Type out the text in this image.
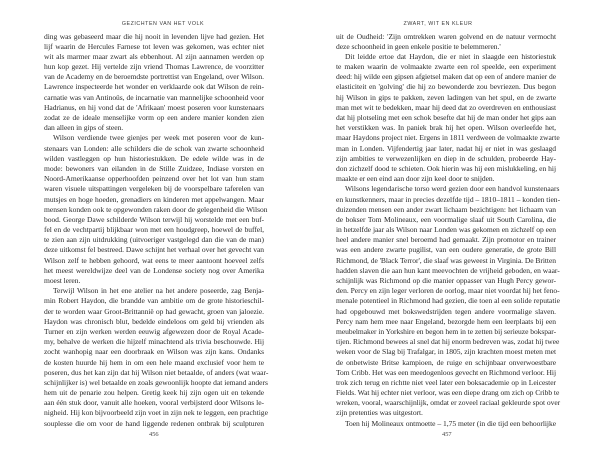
GEZICHTEN VAN HET VOLK
ding was gebaseerd maar die hij nooit in levenden lijve had gezien. Het
lijf waarin de Hercules Farnese tot leven was gekomen, was echter niet
wit als marmer maar zwart als ebbenhout. Al zijn aannamen werden op
hun kop gezet. Hij vertelde zijn vriend Thomas Lawrence, de voorzitter
van de Academy en de beroemdste portrettist van Engeland, over Wilson.
Lawrence inspecteerde het wonder en verklaarde ook dat Wilson de rein-
carnatie was van Antinoüs, de incarnatie van mannelijke schoonheid voor
Hadrianus, en hij vond dat de 'Afrikaan' moest poseren voor kunstenaars
zodat ze de ideale menselijke vorm op een andere manier konden zien
dan alleen in gips of steen.
Wilson verdiende twee gienjes per week met poseren voor de kun-
stenaars van Londen: alle schilders die de schok van zwarte schoonheid
wilden vastleggen op hun historiestukken. De edele wilde was in de
mode: bewoners van eilanden in de Stille Zuidzee, Indiase vorsten en
Noord-Amerikaanse opperhoofden peinzend over het lot van hun stam
waren visuele uitspattingen vergeleken bij de voorspelbare taferelen van
mutsjes en hoge hoeden, grenadiers en kinderen met appelwangen. Maar
mensen konden ook te opgewonden raken door de gelegenheid die Wilson
bood. George Dawe schilderde Wilson terwijl hij worstelde met een buf-
fel en de vechtpartij blijkbaar won met een houdgreep, hoewel de buffel,
te zien aan zijn uitdrukking (uitvoeriger vastgelegd dan die van de man)
deze uitkomst fel bestreed. Dawe schijnt het verhaal over het gevecht van
Wilson zelf te hebben gehoord, wat eens te meer aantoont hoeveel zelfs
het meest wereldwijze deel van de Londense society nog over Amerika
moest leren.
Terwijl Wilson in het ene atelier na het andere poseerde, zag Benja-
min Robert Haydon, die brandde van ambitie om de grote historieschil-
der te worden waar Groot-Brittannië op had gewacht, groen van jaloezie.
Haydon was chronisch blut, bedelde eindeloos om geld bij vrienden als
Turner en zijn werken werden eeuwig afgewezen door de Royal Acade-
my, behalve de werken die hijzelf minachtend als trivia beschouwde. Hij
zocht wanhopig naar een doorbraak en Wilson was zijn kans. Ondanks
de kosten huurde hij hem in om een hele maand exclusief voor hem te
poseren, dus het kan zijn dat hij Wilson niet betaalde, of anders (wat waar-
schijnlijker is) wel betaalde en zoals gewoonlijk hoopte dat iemand anders
hem uit de penarie zou helpen. Gretig keek hij zijn ogen uit en tekende
aan één stuk door, vanuit alle hoeken, vooral verbijsterd door Wilsons le-
nigheid. Hij kon bijvoorbeeld zijn voet in zijn nek te leggen, een prachtige
souplesse die om voor de hand liggende redenen ontbrak bij sculpturen
456
ZWART, WIT EN KLEUR
uit de Oudheid: 'Zijn omtrekken waren golvend en de natuur vermocht
deze schoonheid in geen enkele positie te belemmeren.'
Dit leidde ertoe dat Haydon, die er niet in slaagde een historiestuk
te maken waarin de volmaakte zwarte een rol speelde, een experiment
deed: hij wilde een gipsen afgietsel maken dat op een of andere manier de
elasticiteit en 'golving' die hij zo bewonderde zou bevriezen. Dus begon
hij Wilson in gips te pakken, zeven ladingen van het spul, en de zwarte
man met wit te bedekken, maar hij deed dat zo overdreven en enthousiast
dat hij plotseling met een schok besefte dat hij de man onder het gips aan
het verstikken was. In paniek brak hij het open. Wilson overleefde het,
maar Haydons project niet. Ergens in 1811 verdween de volmaakte zwarte
man in Londen. Vijfendertig jaar later, nadat hij er niet in was geslaagd
zijn ambities te verwezenlijken en diep in de schulden, probeerde Hay-
don zichzelf dood te schieten. Ook hierin was hij een mislukkeling, en hij
maakte er een eind aan door zijn keel door te snijden.
Wilsons legendarische torso werd gezien door een handvol kunstenaars
en kunstkenners, maar in precies dezelfde tijd – 1810–1811 – konden tien-
duizenden mensen een ander zwart lichaam bezichtigen: het lichaam van
de bokser Tom Molineaux, een voormalige slaaf uit South Carolina, die
in hetzelfde jaar als Wilson naar Londen was gekomen en zichzelf op een
heel andere manier snel beroemd had gemaakt. Zijn promotor en trainer
was een andere zwarte pugilist, van een oudere generatie, de grote Bill
Richmond, de 'Black Terror', die slaaf was geweest in Virginia. De Britten
hadden slaven die aan hun kant meevochten de vrijheid geboden, en waar-
schijnlijk was Richmond op die manier oppasser van Hugh Percy gewor-
den. Percy en zijn leger verloren de oorlog, maar niet voordat hij het feno-
menale potentieel in Richmond had gezien, die toen al een solide reputatie
had opgebouwd met bokswedstrijden tegen andere voormalige slaven.
Percy nam hem mee naar Engeland, bezorgde hem een leerplaats bij een
meubelmaker in Yorkshire en begon hem in te zetten bij serieuze bokspar-
tijen. Richmond bewees al snel dat hij enorm bedreven was, zodat hij twee
weken voor de Slag bij Trafalgar, in 1805, zijn krachten moest meten met
de onbetwiste Britse kampioen, de ruige en schijnbaar onverwoestbare
Tom Cribb. Het was een meedogenloos gevecht en Richmond verloor. Hij
trok zich terug en richtte niet veel later een boksacademie op in Leicester
Fields. Wat hij echter niet verloor, was een diepe drang om zich op Cribb te
wreken, vooral, waarschijnlijk, omdat er zoveel raciaal gekleurde spot over
zijn pretenties was uitgestort.
Toen hij Molineaux ontmoette – 1,75 meter (in die tijd een behoorlijke
457
